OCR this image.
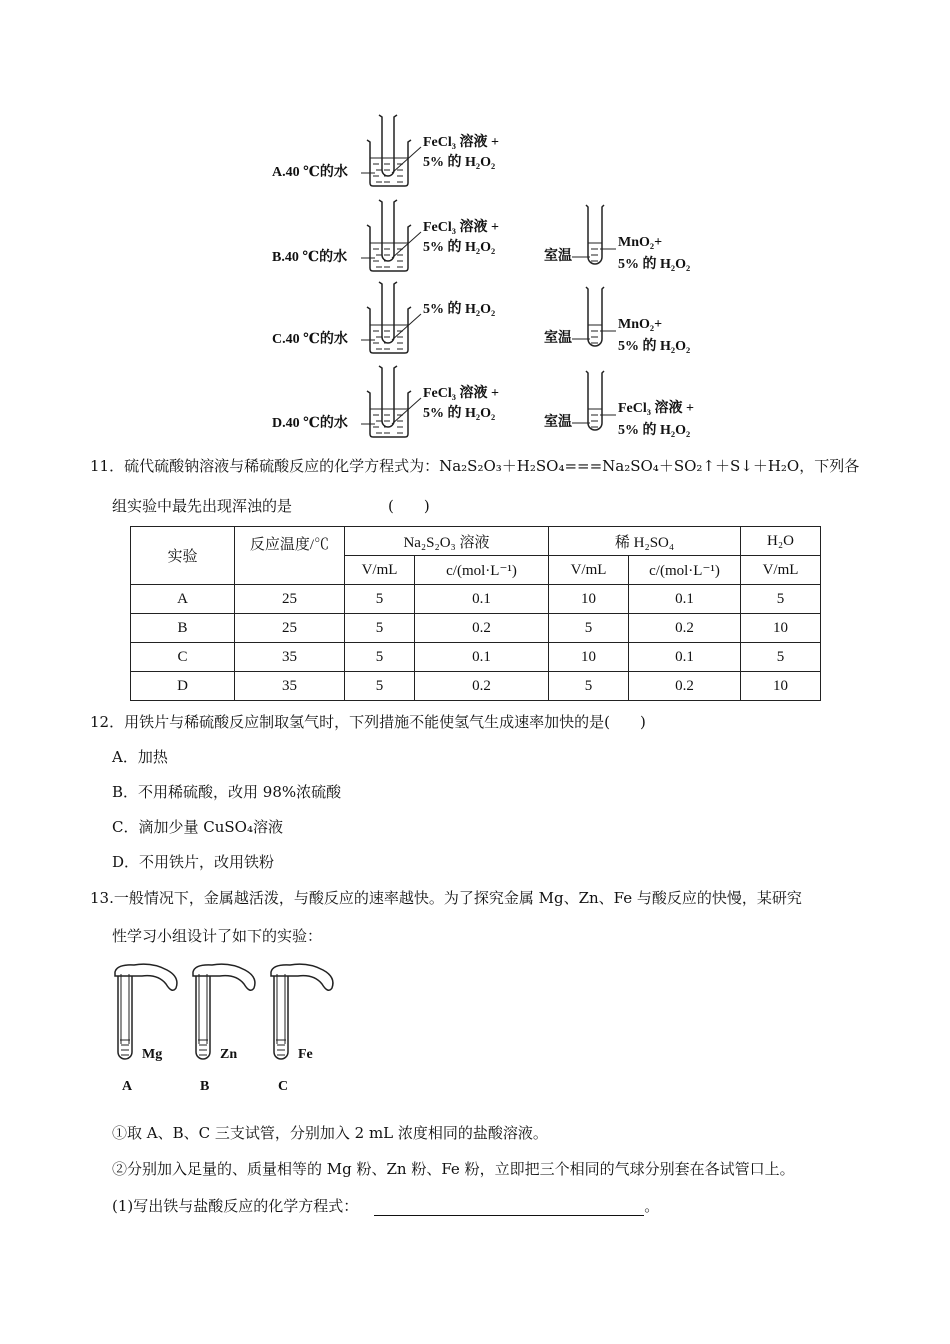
A.40 ℃的水
FeCl₃ 溶液 +
5% 的 H₂O₂
B.40 ℃的水
FeCl₃ 溶液 +
5% 的 H₂O₂
室温
MnO₂+
5% 的 H₂O₂
C.40 ℃的水
5% 的 H₂O₂
室温
MnO₂+
5% 的 H₂O₂
D.40 ℃的水
FeCl₃ 溶液 +
5% 的 H₂O₂
室温
FeCl₃ 溶液 +
5% 的 H₂O₂
11．硫代硫酸钠溶液与稀硫酸反应的化学方程式为：Na₂S₂O₃＋H₂SO₄===Na₂SO₄＋SO₂↑＋S↓＋H₂O，下列各
组实验中最先出现浑浊的是	(　　)
实验	反应温度/℃	Na₂S₂O₃ 溶液		稀 H₂SO₄		H₂O
		V/mL	c/(mol·L⁻¹)	V/mL	c/(mol·L⁻¹)	V/mL
A	25	5	0.1	10	0.1	5
B	25	5	0.2	5	0.2	10
C	35	5	0.1	10	0.1	5
D	35	5	0.2	5	0.2	10
12．用铁片与稀硫酸反应制取氢气时，下列措施不能使氢气生成速率加快的是(　　)
A．加热
B．不用稀硫酸，改用 98%浓硫酸
C．滴加少量 CuSO₄溶液
D．不用铁片，改用铁粉
13.一般情况下，金属越活泼，与酸反应的速率越快。为了探究金属 Mg、Zn、Fe 与酸反应的快慢，某研究
性学习小组设计了如下的实验：
Mg
A
Zn
B
Fe
C
①取 A、B、C 三支试管，分别加入 2 mL 浓度相同的盐酸溶液。
②分别加入足量的、质量相等的 Mg 粉、Zn 粉、Fe 粉，立即把三个相同的气球分别套在各试管口上。
(1)写出铁与盐酸反应的化学方程式：	。
